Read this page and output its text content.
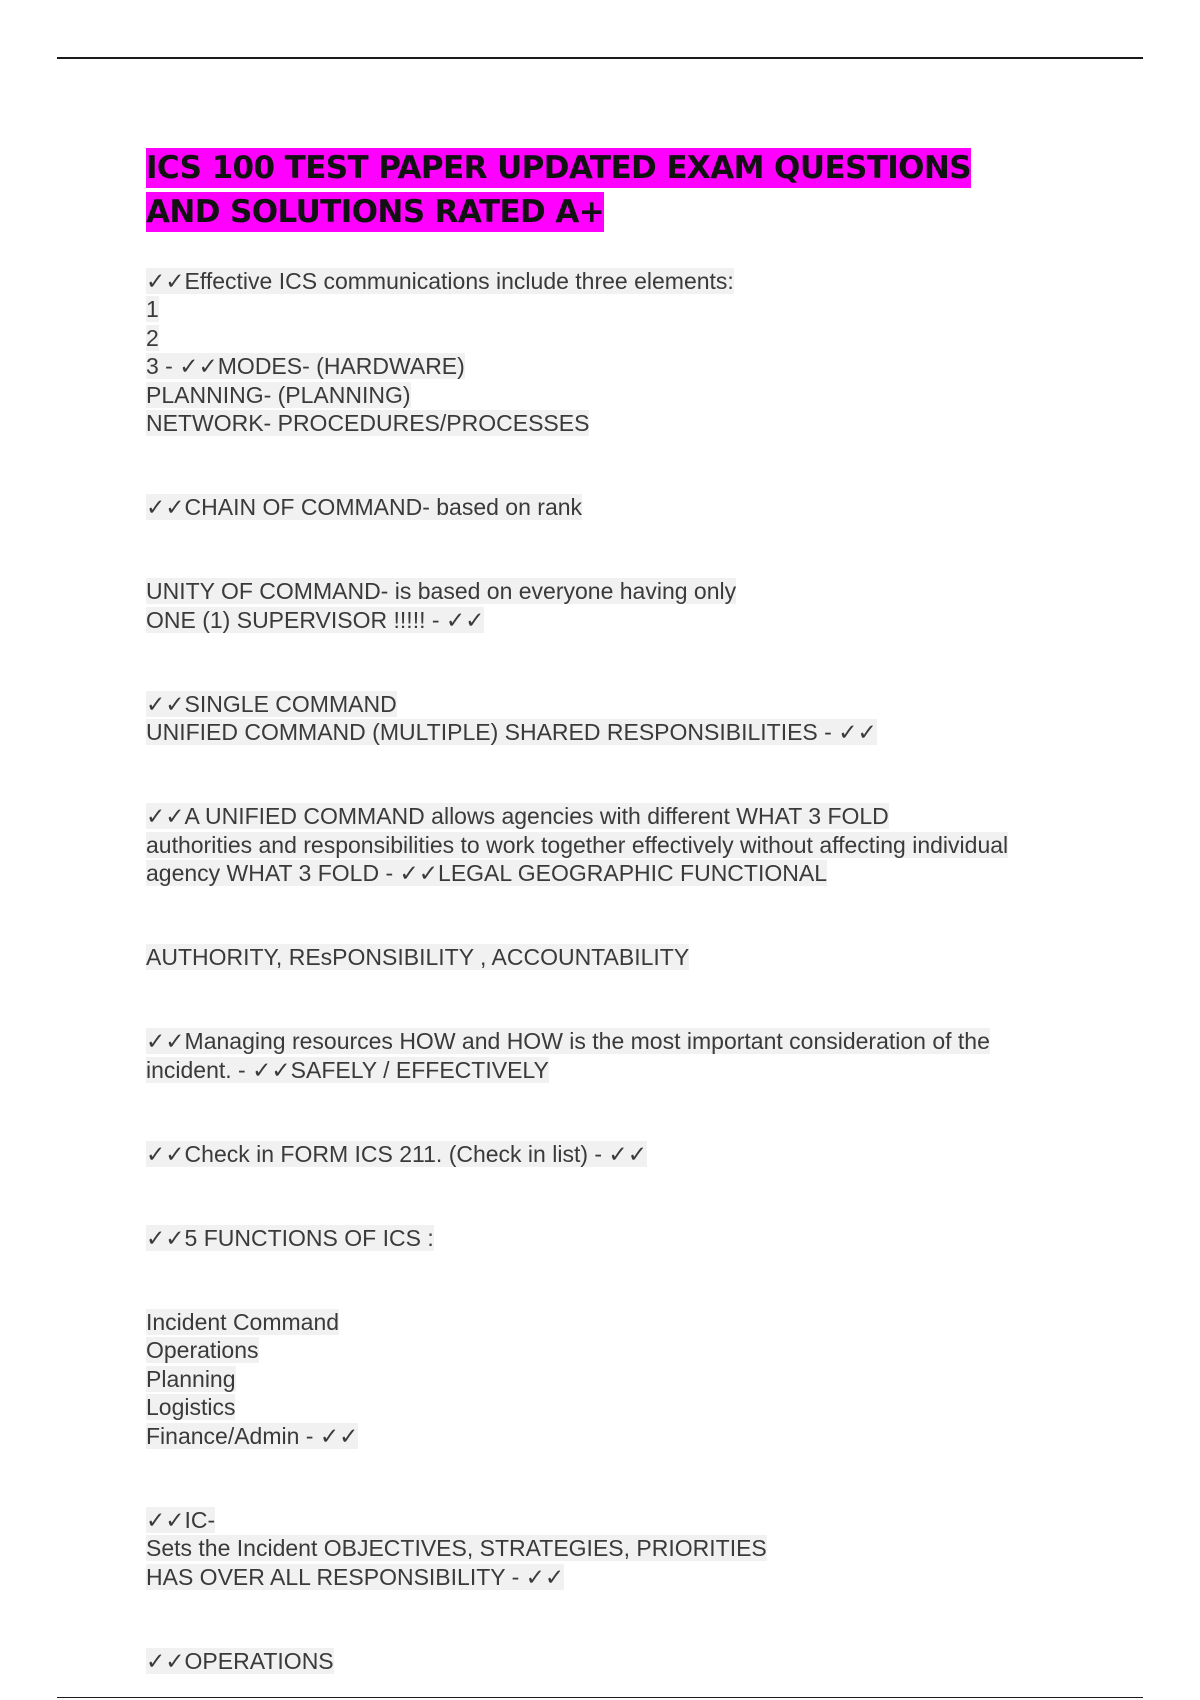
ICS 100 TEST PAPER UPDATED EXAM QUESTIONS AND SOLUTIONS RATED A+

✓✓Effective ICS communications include three elements:
1
2
3 - ✓✓MODES- (HARDWARE)
PLANNING- (PLANNING)
NETWORK- PROCEDURES/PROCESSES

✓✓CHAIN OF COMMAND- based on rank

UNITY OF COMMAND- is based on everyone having only
ONE (1) SUPERVISOR !!!!! - ✓✓

✓✓SINGLE COMMAND
UNIFIED COMMAND (MULTIPLE) SHARED RESPONSIBILITIES - ✓✓

✓✓A UNIFIED COMMAND allows agencies with different WHAT 3 FOLD
authorities and responsibilities to work together effectively without affecting individual
agency WHAT 3 FOLD - ✓✓LEGAL GEOGRAPHIC FUNCTIONAL

AUTHORITY, REsPONSIBILITY , ACCOUNTABILITY

✓✓Managing resources HOW and HOW is the most important consideration of the
incident. - ✓✓SAFELY / EFFECTIVELY

✓✓Check in FORM ICS 211. (Check in list) - ✓✓

✓✓5 FUNCTIONS OF ICS :

Incident Command
Operations
Planning
Logistics
Finance/Admin - ✓✓

✓✓IC-
Sets the Incident OBJECTIVES, STRATEGIES, PRIORITIES
HAS OVER ALL RESPONSIBILITY - ✓✓

✓✓OPERATIONS
